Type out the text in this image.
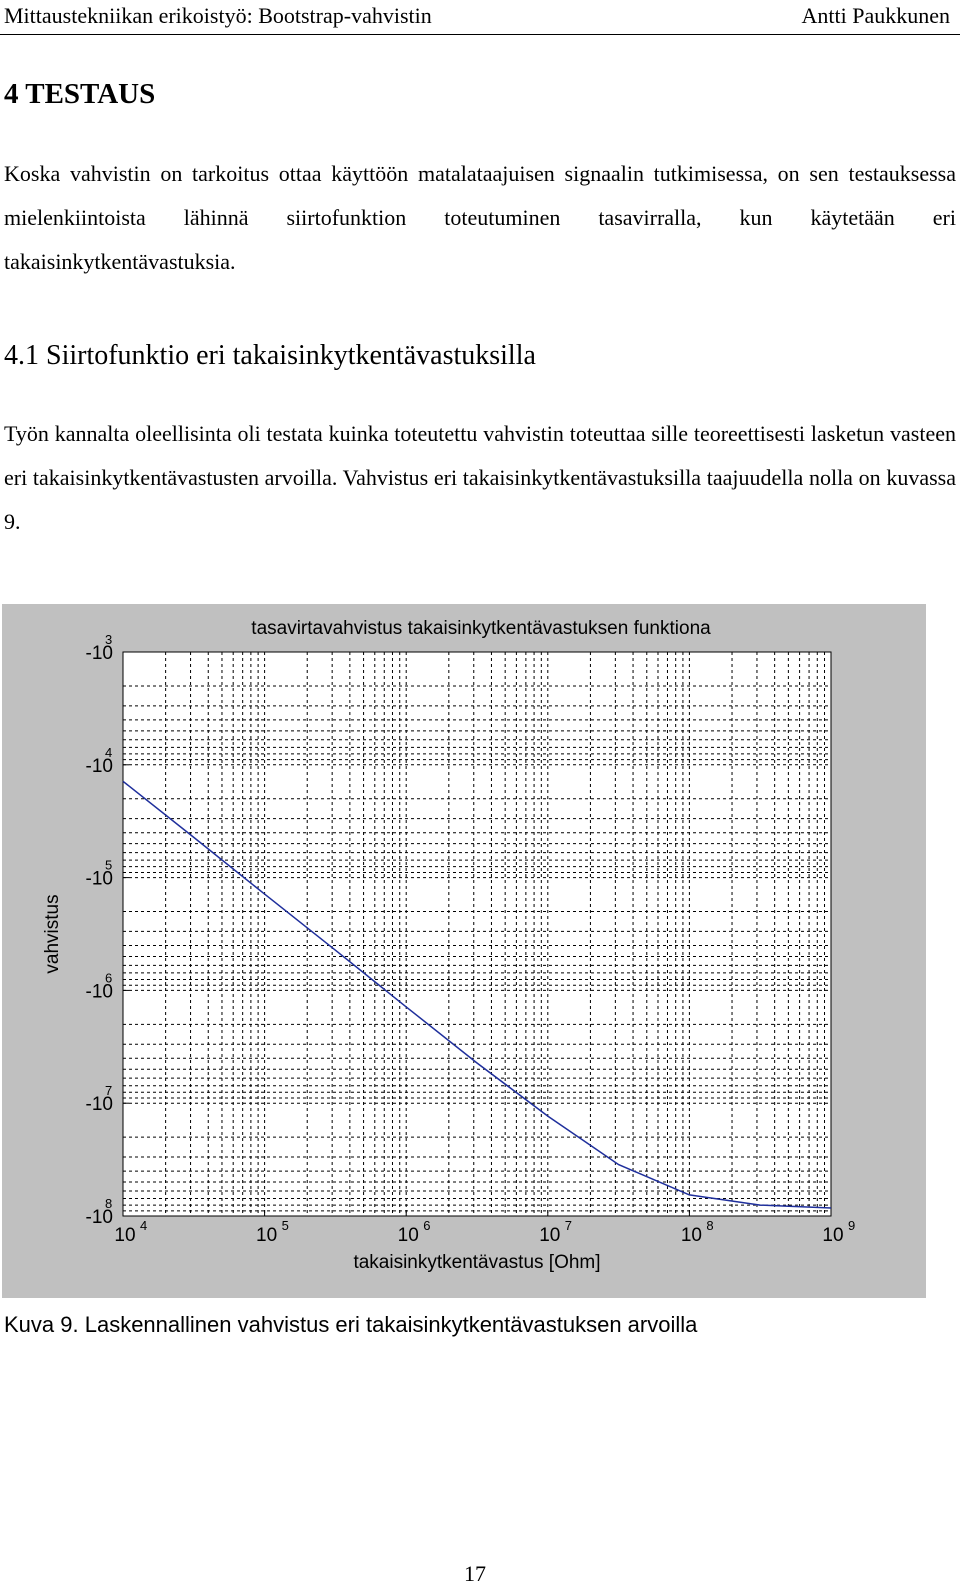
Mittaustekniikan erikoistyö: Bootstrap-vahvistin	Antti Paukkunen
4 TESTAUS
Koska vahvistin on tarkoitus ottaa käyttöön matalataajuisen signaalin tutkimisessa, on sen testauksessa mielenkiintoista lähinnä siirtofunktion toteutuminen tasavirralla, kun käytetään eri takaisinkytkentävastuksia.
4.1 Siirtofunktio eri takaisinkytkentävastuksilla
Työn kannalta oleellisinta oli testata kuinka toteutettu vahvistin toteuttaa sille teoreettisesti lasketun vasteen eri takaisinkytkentävastusten arvoilla. Vahvistus eri takaisinkytkentävastuksilla taajuudella nolla on kuvassa 9.
tasavirtavahvistus takaisinkytkentävastuksen funktiona
takaisinkytkentävastus [Ohm]
vahvistus
10 4	10 5	10 6	10 7	10 8	10 9
-10
3
-10
4
-10
5
-10
6
-10
7
-10
8
Kuva 9. Laskennallinen vahvistus eri takaisinkytkentävastuksen arvoilla
17
